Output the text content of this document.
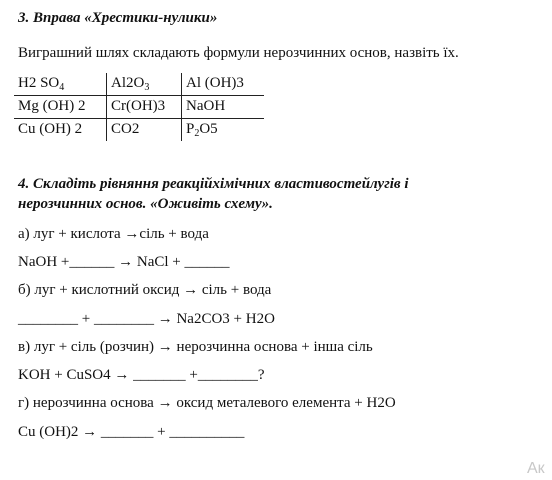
3. Вправа «Хрестики-нулики»
Виграшний шлях складають формули нерозчинних основ, назвіть їх.
H2 $SO_4$	$Al2O_3$	Al (OH)3
Mg (OH) 2	Cr(OH)3	NaOH
Cu (OH) 2	CO2	$P_2O5$
4. Складіть рівняння реакційхімічних властивостейлугів і
нерозчинних основ. «Оживіть схему».
а) луг + кислота →сіль + вода
NaOH +______ → NaCl + ______
б) луг + кислотний оксид → сіль + вода
________ + ________ → Na2CO3 + H2O
в) луг + сіль (розчин) → нерозчинна основа + інша сіль
KOH + CuSO4 → _______ +________?
г) нерозчинна основа → оксид металевого елемента + H2O
Cu (OH)2 → _______ + __________
Ак
